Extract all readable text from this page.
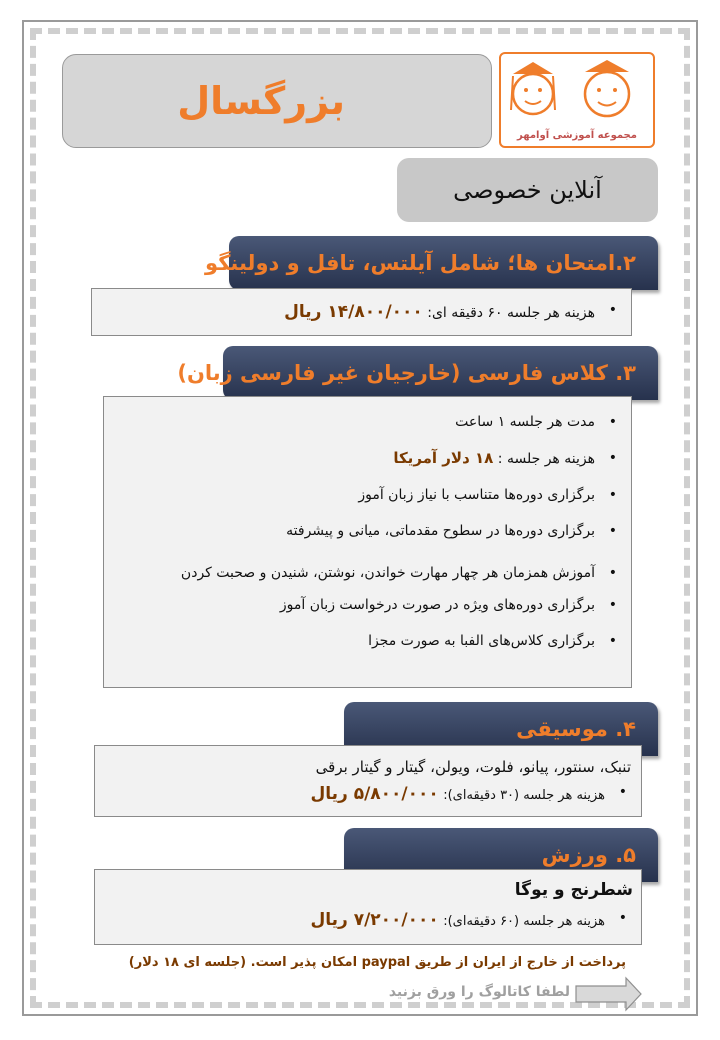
بزرگسال
مجموعه آموزشی آوامهر
آنلاین خصوصی
۲.امتحان ها؛ شامل آیلتس، تافل و دولینگو
• هزینه هر جلسه ۶۰ دقیقه ای: ۱۴/۸۰۰/۰۰۰ ریال
۳. کلاس فارسی (خارجیان غیر فارسی زبان)
• مدت هر جلسه ۱ ساعت
• هزینه هر جلسه : ۱۸ دلار آمریکا
• برگزاری دوره‌ها متناسب با نیاز زبان آموز
• برگزاری دوره‌ها در سطوح مقدماتی، میانی و پیشرفته
• آموزش همزمان هر چهار مهارت خواندن، نوشتن، شنیدن و صحبت کردن
• برگزاری دوره‌های ویژه در صورت درخواست زبان آموز
• برگزاری کلاس‌های الفبا به صورت مجزا
۴. موسیقی
تنبک، سنتور، پیانو، فلوت، ویولن، گیتار و گیتار برقی
• هزینه هر جلسه (۳۰ دقیقه‌ای): ۵/۸۰۰/۰۰۰ ریال
۵. ورزش
شطرنج و یوگا
• هزینه هر جلسه (۶۰ دقیقه‌ای): ۷/۲۰۰/۰۰۰ ریال
پرداخت از خارج از ایران از طریق paypal امکان پذیر است. (جلسه ای ۱۸ دلار)
لطفا کاتالوگ را ورق بزنید
